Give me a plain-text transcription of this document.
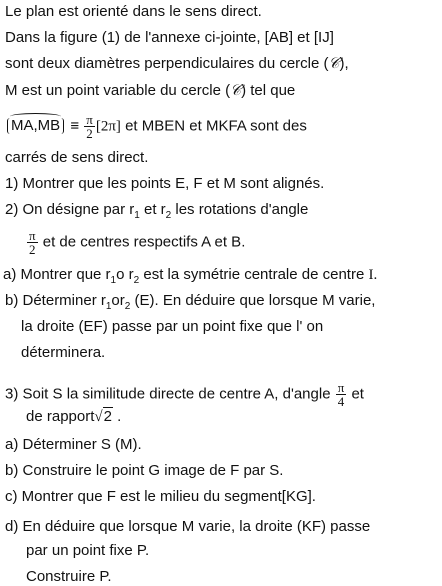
Le plan est orienté dans le sens direct.
Dans la figure (1) de l'annexe ci-jointe, [AB] et [IJ]
sont deux diamètres perpendiculaires du cercle (𝒞),
M est un point variable du cercle (𝒞) tel que
$MA,MB \equiv \frac{\pi}{2} [2\pi]$ et MBEN et MKFA sont des
carrés de sens direct.
1) Montrer que les points E, F et M sont alignés.
2) On désigne par $r_1$ et $r_2$ les rotations d'angle
$\frac{\pi}{2}$ et de centres respectifs A et B.
a) Montrer que $r_1o$ $r_2$ est la symétrie centrale de centre I.
b) Déterminer $r_1or_2$ (E). En déduire que lorsque M varie,
la droite (EF) passe par un point fixe que l' on
déterminera.
3) Soit S la similitude directe de centre A, d'angle $\frac{\pi}{4}$ et
de rapport√2 .
a) Déterminer S (M).
b) Construire le point G image de F par S.
c) Montrer que F est le milieu du segment[KG].
d) En déduire que lorsque M varie, la droite (KF) passe
par un point fixe P.
Construire P.
